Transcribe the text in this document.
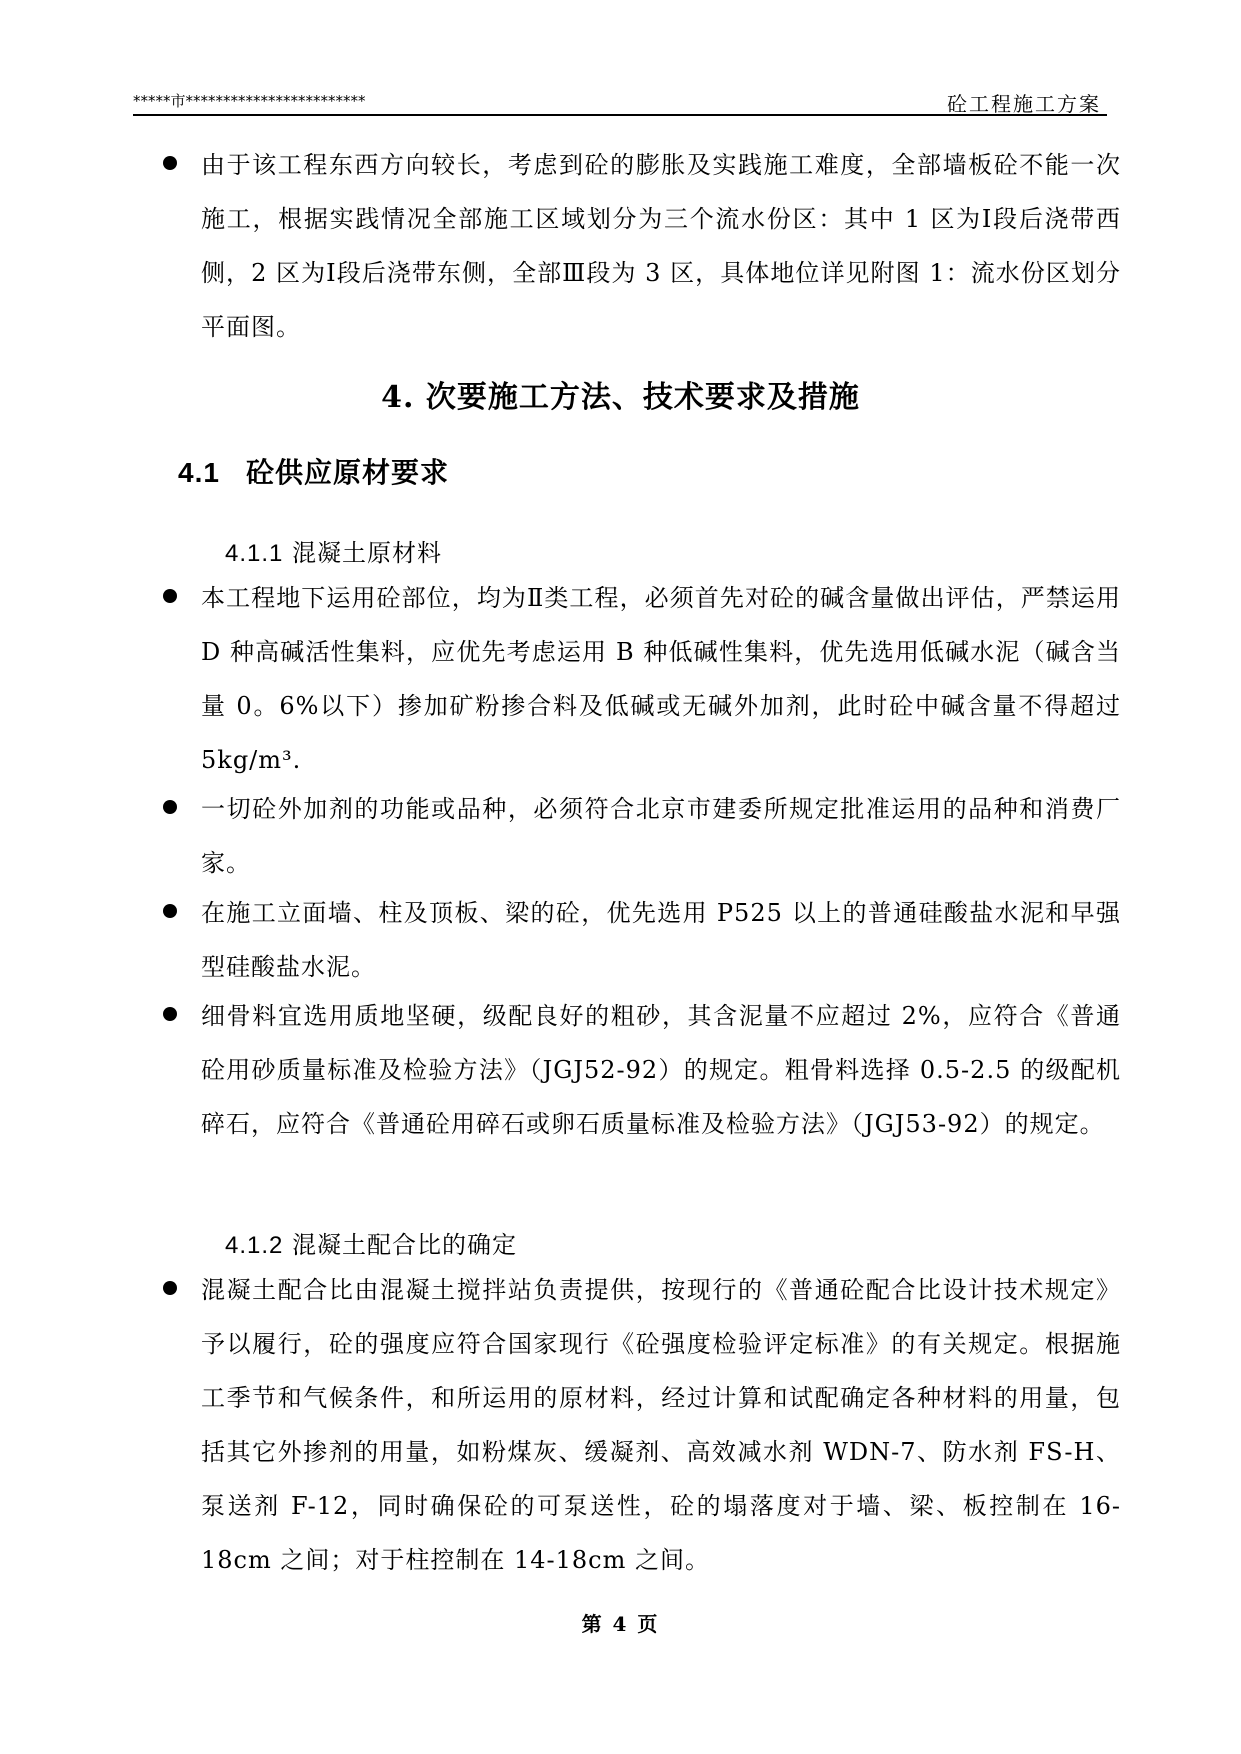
*****市************************	砼工程施工方案
由于该工程东西方向较长，考虑到砼的膨胀及实践施工难度，全部墙板砼不能一次施工，根据实践情况全部施工区域划分为三个流水份区：其中 1 区为Ⅰ段后浇带西侧，2 区为Ⅰ段后浇带东侧，全部Ⅲ段为 3 区，具体地位详见附图 1：流水份区划分平面图。
4. 次要施工方法、技术要求及措施
4.1 砼供应原材要求
4.1.1 混凝土原材料
本工程地下运用砼部位，均为Ⅱ类工程，必须首先对砼的碱含量做出评估，严禁运用 D 种高碱活性集料，应优先考虑运用 B 种低碱性集料，优先选用低碱水泥（碱含当量 0。6%以下）掺加矿粉掺合料及低碱或无碱外加剂，此时砼中碱含量不得超过 5kg/m³.
一切砼外加剂的功能或品种，必须符合北京市建委所规定批准运用的品种和消费厂家。
在施工立面墙、柱及顶板、梁的砼，优先选用 P525 以上的普通硅酸盐水泥和早强型硅酸盐水泥。
细骨料宜选用质地坚硬，级配良好的粗砂，其含泥量不应超过 2%，应符合《普通砼用砂质量标准及检验方法》（JGJ52-92）的规定。粗骨料选择 0.5-2.5 的级配机碎石，应符合《普通砼用碎石或卵石质量标准及检验方法》（JGJ53-92）的规定。
4.1.2 混凝土配合比的确定
混凝土配合比由混凝土搅拌站负责提供，按现行的《普通砼配合比设计技术规定》予以履行，砼的强度应符合国家现行《砼强度检验评定标准》的有关规定。根据施工季节和气候条件，和所运用的原材料，经过计算和试配确定各种材料的用量，包括其它外掺剂的用量，如粉煤灰、缓凝剂、高效减水剂 WDN-7、防水剂 FS-H、泵送剂 F-12，同时确保砼的可泵送性，砼的塌落度对于墙、梁、板控制在 16-18cm 之间；对于柱控制在 14-18cm 之间。
第 4 页
